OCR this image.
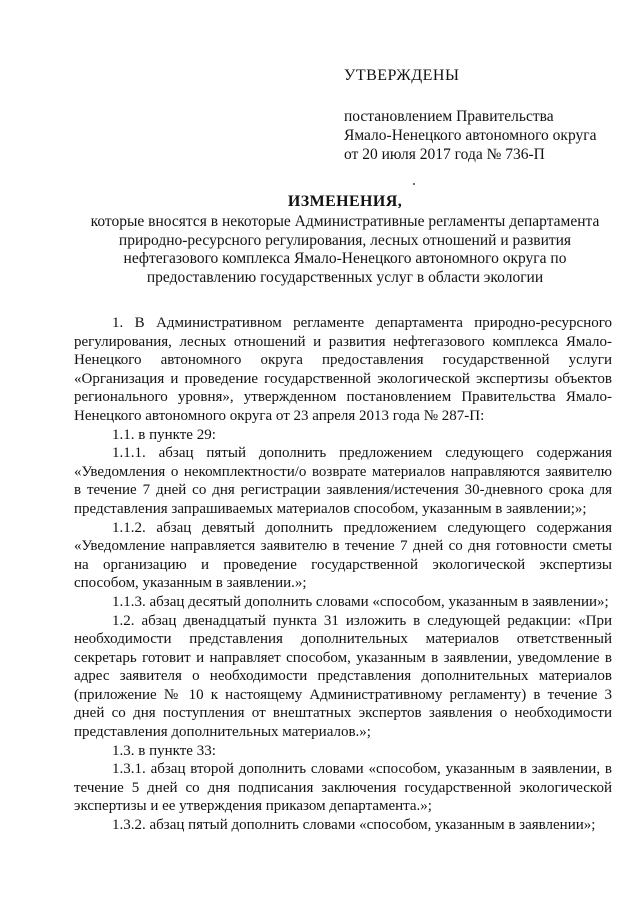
УТВЕРЖДЕНЫ
постановлением Правительства
Ямало-Ненецкого автономного округа
от 20 июля 2017 года № 736-П
ИЗМЕНЕНИЯ,
которые вносятся в некоторые Административные регламенты департамента
природно-ресурсного регулирования, лесных отношений и развития
нефтегазового комплекса Ямало-Ненецкого автономного округа по
предоставлению государственных услуг в области экологии

1. В Административном регламенте департамента природно-ресурсного регулирования, лесных отношений и развития нефтегазового комплекса Ямало-Ненецкого автономного округа предоставления государственной услуги «Организация и проведение государственной экологической экспертизы объектов регионального уровня», утвержденном постановлением Правительства Ямало-Ненецкого автономного округа от 23 апреля 2013 года № 287-П:

1.1. в пункте 29:

1.1.1. абзац пятый дополнить предложением следующего содержания «Уведомления о некомплектности/о возврате материалов направляются заявителю в течение 7 дней со дня регистрации заявления/истечения 30-дневного срока для представления запрашиваемых материалов способом, указанным в заявлении;»;

1.1.2. абзац девятый дополнить предложением следующего содержания «Уведомление направляется заявителю в течение 7 дней со дня готовности сметы на организацию и проведение государственной экологической экспертизы способом, указанным в заявлении.»;

1.1.3. абзац десятый дополнить словами «способом, указанным в заявлении»;

1.2. абзац двенадцатый пункта 31 изложить в следующей редакции: «При необходимости представления дополнительных материалов ответственный секретарь готовит и направляет способом, указанным в заявлении, уведомление в адрес заявителя о необходимости представления дополнительных материалов (приложение № 10 к настоящему Административному регламенту) в течение 3 дней со дня поступления от внештатных экспертов заявления о необходимости представления дополнительных материалов.»;

1.3. в пункте 33:

1.3.1. абзац второй дополнить словами «способом, указанным в заявлении, в течение 5 дней со дня подписания заключения государственной экологической экспертизы и ее утверждения приказом департамента.»;

1.3.2. абзац пятый дополнить словами «способом, указанным в заявлении»;
